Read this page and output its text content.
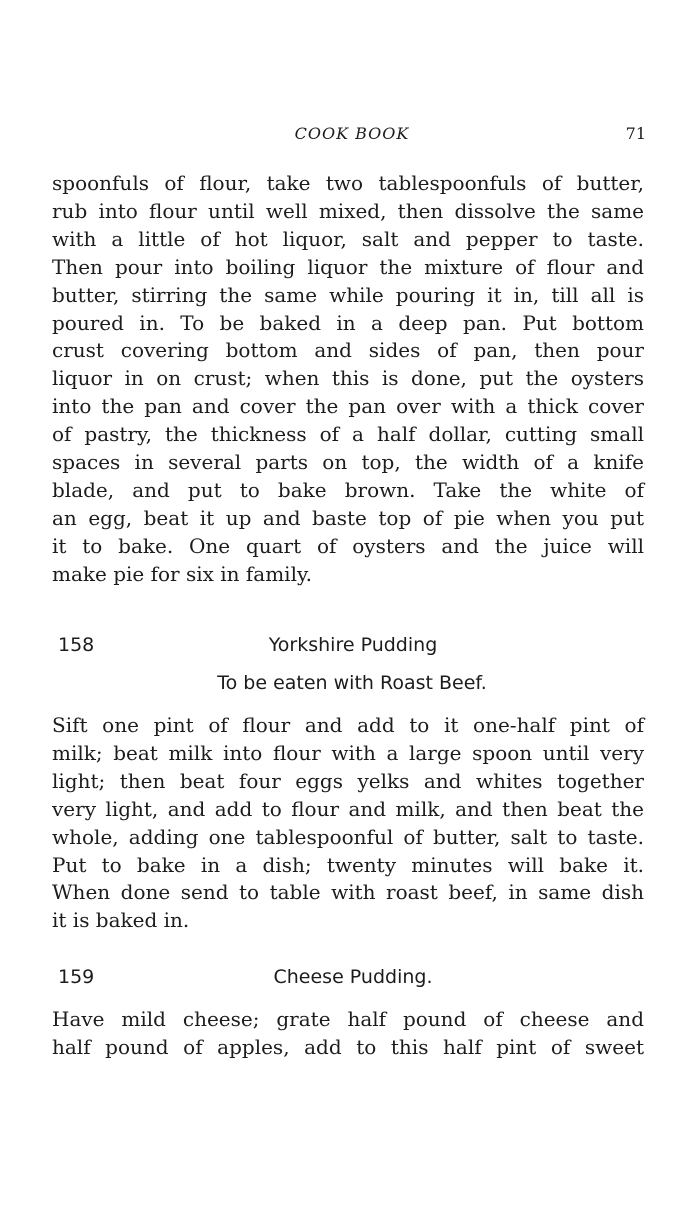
COOK BOOK	71
spoonfuls of flour, take two tablespoonfuls of butter,
rub into flour until well mixed, then dissolve the same
with a little of hot liquor, salt and pepper to taste.
Then pour into boiling liquor the mixture of flour and
butter, stirring the same while pouring it in, till all is
poured in. To be baked in a deep pan. Put bottom
crust covering bottom and sides of pan, then pour
liquor in on crust; when this is done, put the oysters
into the pan and cover the pan over with a thick cover
of pastry, the thickness of a half dollar, cutting small
spaces in several parts on top, the width of a knife
blade, and put to bake brown. Take the white of
an egg, beat it up and baste top of pie when you put
it to bake. One quart of oysters and the juice will
make pie for six in family.
158	Yorkshire Pudding
To be eaten with Roast Beef.
Sift one pint of flour and add to it one-half pint of
milk; beat milk into flour with a large spoon until very
light; then beat four eggs yelks and whites together
very light, and add to flour and milk, and then beat the
whole, adding one tablespoonful of butter, salt to taste.
Put to bake in a dish; twenty minutes will bake it.
When done send to table with roast beef, in same dish
it is baked in.
159	Cheese Pudding.
Have mild cheese; grate half pound of cheese and
half pound of apples, add to this half pint of sweet
